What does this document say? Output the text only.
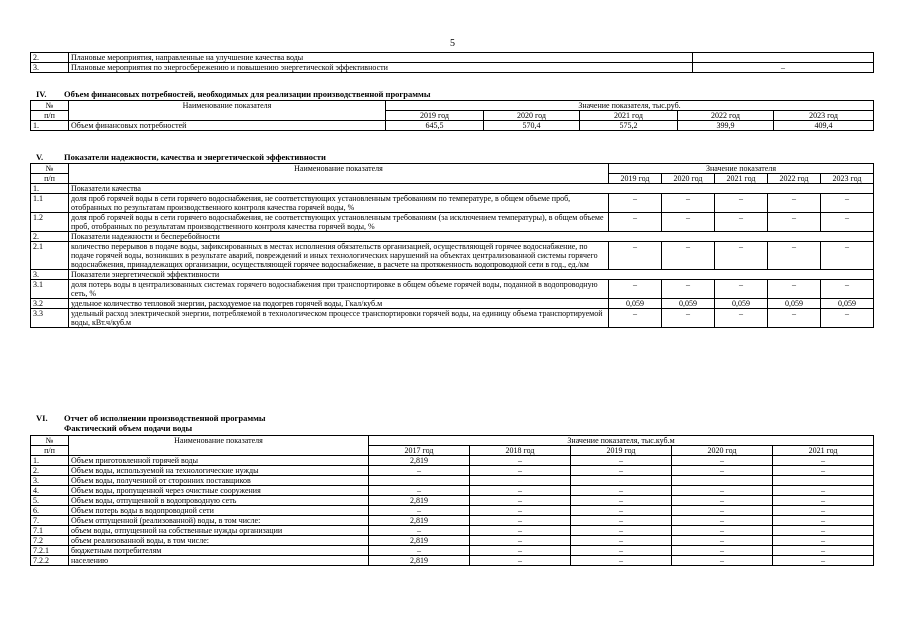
5
2.	Плановые мероприятия, направленные на улучшение качества воды	
3.	Плановые мероприятия по энергосбережению и повышению энергетической эффективности	–
IV. Объем финансовых потребностей, необходимых для реализации производственной программы
№	Наименование показателя	Значение показателя, тыс.руб.				
п/п		2019 год	2020 год	2021 год	2022 год	2023 год
1.	Объем финансовых потребностей	645,5	570,4	575,2	399,9	409,4
V. Показатели надежности, качества и энергетической эффективности
№	Наименование показателя	Значение показателя				
п/п		2019 год	2020 год	2021 год	2022 год	2023 год
1.	Показатели качества					
1.1	доля проб горячей воды в сети горячего водоснабжения, не соответствующих установленным требованиям по температуре, в общем объеме проб, отобранных по результатам производственного контроля качества горячей воды, %	–	–	–	–	–
1.2	доля проб горячей воды в сети горячего водоснабжения, не соответствующих установленным требованиям (за исключением температуры), в общем объеме проб, отобранных по результатам производственного контроля качества горячей воды, %	–	–	–	–	–
2.	Показатели надежности и бесперебойности					
2.1	количество перерывов в подаче воды, зафиксированных в местах исполнения обязательств организацией, осуществляющей горячее водоснабжение, по подаче горячей воды, возникших в результате аварий, повреждений и иных технологических нарушений на объектах централизованной системы горячего водоснабжения, принадлежащих организации, осуществляющей горячее водоснабжение, в расчете на протяженность водопроводной сети в год., ед./км	–	–	–	–	–
3.	Показатели энергетической эффективности					
3.1	доля потерь воды в централизованных системах горячего водоснабжения при транспортировке в общем объеме горячей воды, поданной в водопроводную сеть, %	–	–	–	–	–
3.2	удельное количество тепловой энергии, расходуемое на подогрев горячей воды, Гкал/куб.м	0,059	0,059	0,059	0,059	0,059
3.3	удельный расход электрической энергии, потребляемой в технологическом процессе транспортировки горячей воды, на единицу объема транспортируемой воды, кВт.ч/куб.м	–	–	–	–	–
VI. Отчет об исполнении производственной программы
Фактический объем подачи воды
№	Наименование показателя	Значение показателя, тыс.куб.м				
п/п		2017 год	2018 год	2019 год	2020 год	2021 год
1.	Объем приготовленной горячей воды	2,819	–	–	–	–
2.	Объем воды, используемой на технологические нужды	–	–	–	–	–
3.	Объем воды, полученной от сторонних поставщиков					
4.	Объем воды, пропущенной через очистные сооружения	–	–	–	–	–
5.	Объем воды, отпущенной в водопроводную сеть	2,819	–	–	–	–
6.	Объем потерь воды в водопроводной сети	–	–	–	–	–
7.	Объем отпущенной (реализованной) воды, в том числе:	2,819	–	–	–	–
7.1	объем воды, отпущенной на собственные нужды организации	–	–	–	–	–
7.2	объем реализованной воды, в том числе:	2,819	–	–	–	–
7.2.1	бюджетным потребителям	–	–	–	–	–
7.2.2	населению	2,819	–	–	–	–
